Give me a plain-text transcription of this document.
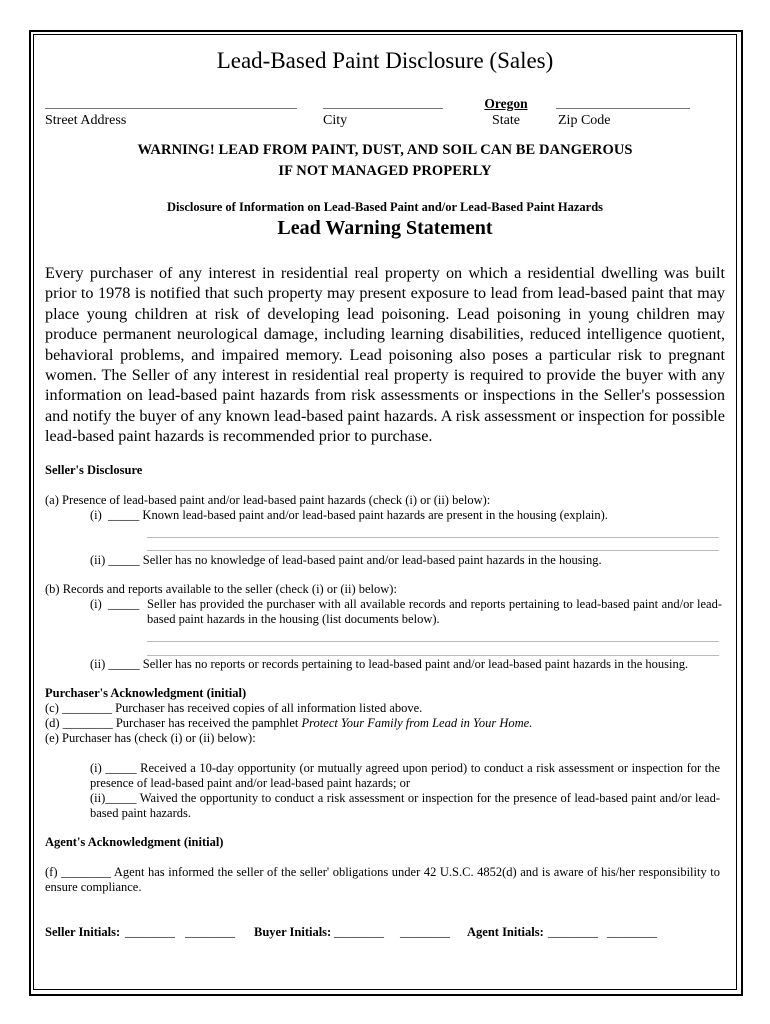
Lead-Based Paint Disclosure (Sales)
Oregon
Street Address	City	State	Zip Code
WARNING! LEAD FROM PAINT, DUST, AND SOIL CAN BE DANGEROUS
IF NOT MANAGED PROPERLY
Disclosure of Information on Lead-Based Paint and/or Lead-Based Paint Hazards
Lead Warning Statement
Every purchaser of any interest in residential real property on which a residential dwelling was built prior to 1978 is notified that such property may present exposure to lead from lead-based paint that may place young children at risk of developing lead poisoning. Lead poisoning in young children may produce permanent neurological damage, including learning disabilities, reduced intelligence quotient, behavioral problems, and impaired memory. Lead poisoning also poses a particular risk to pregnant women. The Seller of any interest in residential real property is required to provide the buyer with any information on lead-based paint hazards from risk assessments or inspections in the Seller's possession and notify the buyer of any known lead-based paint hazards. A risk assessment or inspection for possible lead-based paint hazards is recommended prior to purchase.
Seller's Disclosure
(a) Presence of lead-based paint and/or lead-based paint hazards (check (i) or (ii) below):
(i)  _____ Known lead-based paint and/or lead-based paint hazards are present in the housing (explain).
(ii) _____ Seller has no knowledge of lead-based paint and/or lead-based paint hazards in the housing.
(b) Records and reports available to the seller (check (i) or (ii) below):
(i)  _____ Seller has provided the purchaser with all available records and reports pertaining to lead-based paint and/or lead-based paint hazards in the housing (list documents below).
(ii) _____ Seller has no reports or records pertaining to lead-based paint and/or lead-based paint hazards in the housing.
Purchaser's Acknowledgment (initial)
(c) ________ Purchaser has received copies of all information listed above.
(d) ________ Purchaser has received the pamphlet Protect Your Family from Lead in Your Home.
(e) Purchaser has (check (i) or (ii) below):
(i) _____ Received a 10-day opportunity (or mutually agreed upon period) to conduct a risk assessment or inspection for the presence of lead-based paint and/or lead-based paint hazards; or
(ii)_____ Waived the opportunity to conduct a risk assessment or inspection for the presence of lead-based paint and/or lead-based paint hazards.
Agent's Acknowledgment (initial)
(f) ________ Agent has informed the seller of the seller' obligations under 42 U.S.C. 4852(d) and is aware of his/her responsibility to ensure compliance.
Seller Initials: ________ ________ Buyer Initials: ________ ________ Agent Initials: ________ ________
